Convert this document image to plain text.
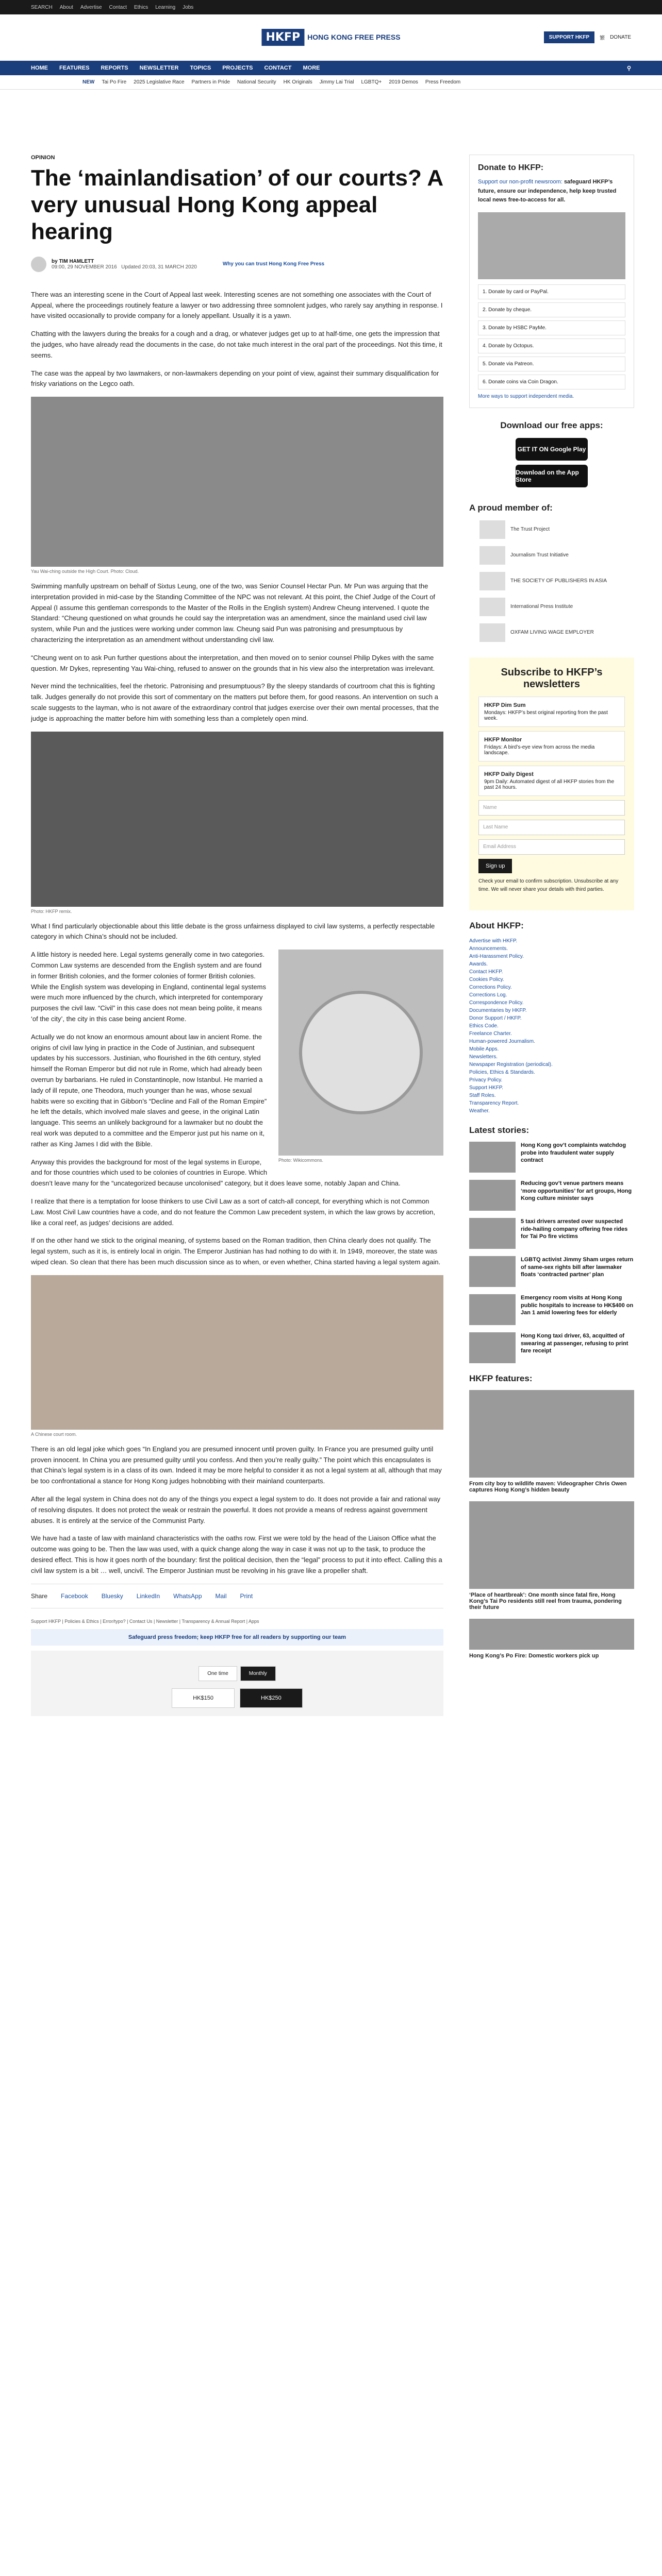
SEARCH About Advertise Contact Ethics Learning Jobs
HKFP	HONG KONG FREE PRESS	SUPPORT HKFP	繁 DONATE
HOME FEATURES REPORTS NEWSLETTER TOPICS PROJECTS CONTACT MORE	⚲
NEW Tai Po Fire 2025 Legislative Race Partners in Pride National Security HK Originals Jimmy Lai Trial LGBTQ+ 2019 Demos Press Freedom
OPINION
The ‘mainlandisation’ of our courts? A very unusual Hong Kong appeal hearing
by TIM HAMLETT
09:00, 29 NOVEMBER 2016 Updated 20:03, 31 MARCH 2020	Why you can trust Hong Kong Free Press

There was an interesting scene in the Court of Appeal last week. Interesting scenes are not something one associates with the Court of Appeal, where the proceedings routinely feature a lawyer or two addressing three somnolent judges, who rarely say anything in response. I have visited occasionally to provide company for a lonely appellant. Usually it is a yawn.

Chatting with the lawyers during the breaks for a cough and a drag, or whatever judges get up to at half-time, one gets the impression that the judges, who have already read the documents in the case, do not take much interest in the oral part of the proceedings. Not this time, it seems.

The case was the appeal by two lawmakers, or non-lawmakers depending on your point of view, against their summary disqualification for frisky variations on the Legco oath.

Yau Wai-ching outside the High Court. Photo: Cloud.

Swimming manfully upstream on behalf of Sixtus Leung, one of the two, was Senior Counsel Hectar Pun. Mr Pun was arguing that the interpretation provided in mid-case by the Standing Committee of the NPC was not relevant. At this point, the Chief Judge of the Court of Appeal (I assume this gentleman corresponds to the Master of the Rolls in the English system) Andrew Cheung intervened. I quote the Standard: “Cheung questioned on what grounds he could say the interpretation was an amendment, since the mainland used civil law system, while Pun and the justices were working under common law. Cheung said Pun was patronising and presumptuous by characterizing the interpretation as an amendment without understanding civil law.

“Cheung went on to ask Pun further questions about the interpretation, and then moved on to senior counsel Philip Dykes with the same question. Mr Dykes, representing Yau Wai-ching, refused to answer on the grounds that in his view also the interpretation was irrelevant.

Never mind the technicalities, feel the rhetoric. Patronising and presumptuous? By the sleepy standards of courtroom chat this is fighting talk. Judges generally do not provide this sort of commentary on the matters put before them, for good reasons. An intervention on such a scale suggests to the layman, who is not aware of the extraordinary control that judges exercise over their own mental processes, that the judge is approaching the matter before him with something less than a completely open mind.

Photo: HKFP remix.

What I find particularly objectionable about this little debate is the gross unfairness displayed to civil law systems, a perfectly respectable category in which China’s should not be included.

Photo: Wikicommons.

A little history is needed here. Legal systems generally come in two categories. Common Law systems are descended from the English system and are found in former British colonies, and the former colonies of former British colonies. While the English system was developing in England, continental legal systems were much more influenced by the church, which interpreted for contemporary purposes the civil law. “Civil” in this case does not mean being polite, it means ‘of the city’, the city in this case being ancient Rome.

Actually we do not know an enormous amount about law in ancient Rome. the origins of civil law lying in practice in the Code of Justinian, and subsequent updates by his successors. Justinian, who flourished in the 6th century, styled himself the Roman Emperor but did not rule in Rome, which had already been overrun by barbarians. He ruled in Constantinople, now Istanbul. He married a lady of ill repute, one Theodora, much younger than he was, whose sexual habits were so exciting that in Gibbon’s “Decline and Fall of the Roman Empire” he left the details, which involved male slaves and geese, in the original Latin language. This seems an unlikely background for a lawmaker but no doubt the real work was deputed to a committee and the Emperor just put his name on it, rather as King James I did with the Bible.

Anyway this provides the background for most of the legal systems in Europe, and for those countries which used to be colonies of countries in Europe. Which doesn’t leave many for the “uncategorized because uncolonised” category, but it does leave some, notably Japan and China.

I realize that there is a temptation for loose thinkers to use Civil Law as a sort of catch-all concept, for everything which is not Common Law. Most Civil Law countries have a code, and do not feature the Common Law precedent system, in which the law grows by accretion, like a coral reef, as judges’ decisions are added.

If on the other hand we stick to the original meaning, of systems based on the Roman tradition, then China clearly does not qualify. The legal system, such as it is, is entirely local in origin. The Emperor Justinian has had nothing to do with it. In 1949, moreover, the state was wiped clean. So clean that there has been much discussion since as to when, or even whether, China started having a legal system again.

A Chinese court room.

There is an old legal joke which goes “In England you are presumed innocent until proven guilty. In France you are presumed guilty until proven innocent. In China you are presumed guilty until you confess. And then you’re really guilty.” The point which this encapsulates is that China’s legal system is in a class of its own. Indeed it may be more helpful to consider it as not a legal system at all, although that may be too confrontational a stance for Hong Kong judges hobnobbing with their mainland counterparts.

After all the legal system in China does not do any of the things you expect a legal system to do. It does not provide a fair and rational way of resolving disputes. It does not protect the weak or restrain the powerful. It does not provide a means of redress against government abuses. It is entirely at the service of the Communist Party.

We have had a taste of law with mainland characteristics with the oaths row. First we were told by the head of the Liaison Office what the outcome was going to be. Then the law was used, with a quick change along the way in case it was not up to the task, to produce the desired effect. This is how it goes north of the boundary: first the political decision, then the “legal” process to put it into effect. Calling this a civil law system is a bit … well, uncivil. The Emperor Justinian must be revolving in his grave like a propeller shaft.

Share Facebook Bluesky LinkedIn WhatsApp Mail Print
Support HKFP | Policies & Ethics | Error/typo? | Contact Us | Newsletter | Transparency & Annual Report | Apps
Safeguard press freedom; keep HKFP free for all readers by supporting our team
One time	Monthly
HK$150	HK$250
Donate to HKFP:

Support our non-profit newsroom: safeguard HKFP’s future, ensure our independence, help keep trusted local news free-to-access for all.

1. Donate by card or PayPal.
2. Donate by cheque.
3. Donate by HSBC PayMe.
4. Donate by Octopus.
5. Donate via Patreon.
6. Donate coins via Coin Dragon.
More ways to support independent media.
Download our free apps:
GET IT ON Google Play
Download on the App Store
A proud member of:
The Trust Project
Journalism Trust Initiative
THE SOCIETY OF PUBLISHERS IN ASIA
International Press Institute
OXFAM LIVING WAGE EMPLOYER
Subscribe to HKFP’s newsletters
HKFP Dim Sum
Mondays: HKFP’s best original reporting from the past week.
HKFP Monitor
Fridays: A bird’s-eye view from across the media landscape.
HKFP Daily Digest
9pm Daily: Automated digest of all HKFP stories from the past 24 hours.
Name
Last Name
Email Address
Sign up

Check your email to confirm subscription. Unsubscribe at any time. We will never share your details with third parties.

About HKFP:
Advertise with HKFP.
Announcements.
Anti-Harassment Policy.
Awards.
Contact HKFP.
Cookies Policy.
Corrections Policy.
Corrections Log.
Correspondence Policy.
Documentaries by HKFP.
Donor Support / HKFP.
Ethics Code.
Freelance Charter.
Human-powered Journalism.
Mobile Apps.
Newsletters.
Newspaper Registration (periodical).
Policies, Ethics & Standards.
Privacy Policy.
Support HKFP.
Staff Roles.
Transparency Report.
Weather.
Latest stories:
Hong Kong gov’t complaints watchdog probe into fraudulent water supply contract
Reducing gov’t venue partners means ‘more opportunities’ for art groups, Hong Kong culture minister says
5 taxi drivers arrested over suspected ride-hailing company offering free rides for Tai Po fire victims
LGBTQ activist Jimmy Sham urges return of same-sex rights bill after lawmaker floats ‘contracted partner’ plan
Emergency room visits at Hong Kong public hospitals to increase to HK$400 on Jan 1 amid lowering fees for elderly
Hong Kong taxi driver, 63, acquitted of swearing at passenger, refusing to print fare receipt
HKFP features:
From city boy to wildlife maven: Videographer Chris Owen captures Hong Kong’s hidden beauty
‘Place of heartbreak’: One month since fatal fire, Hong Kong’s Tai Po residents still reel from trauma, pondering their future
Hong Kong’s Po Fire: Domestic workers pick up
